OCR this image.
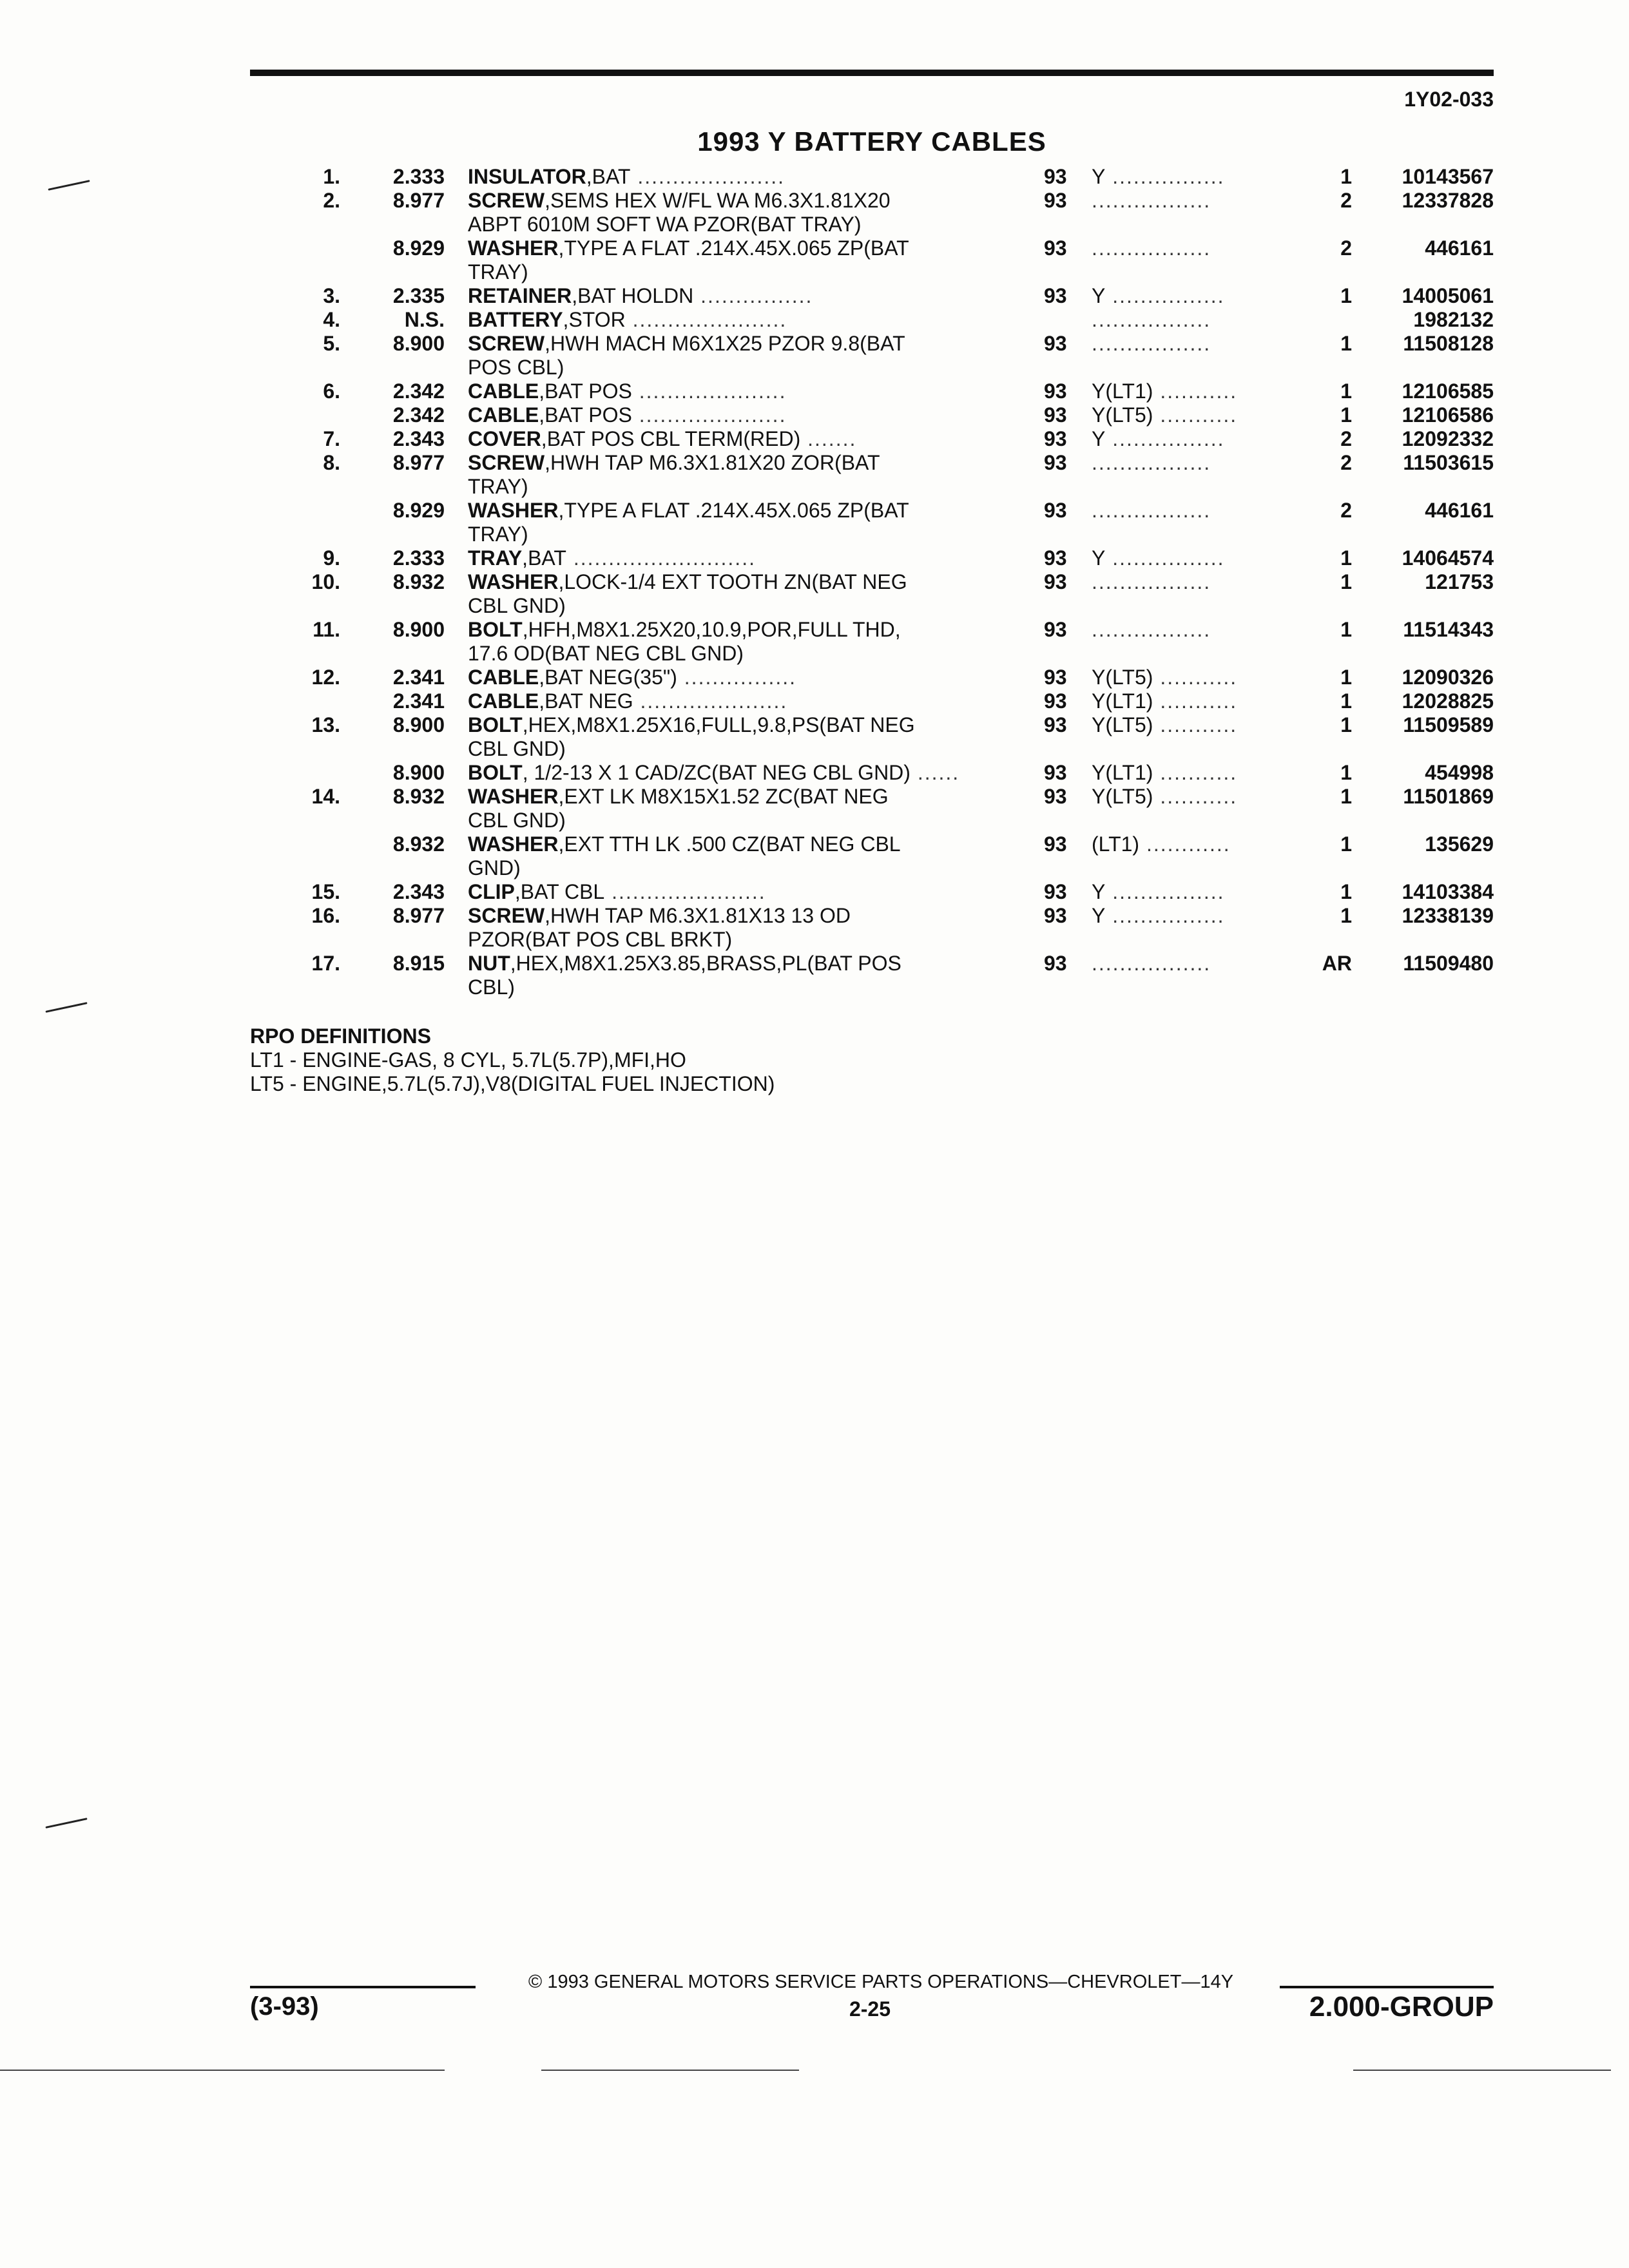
1Y02-033
1993 Y BATTERY CABLES
1.	2.333 INSULATOR,BAT .....................	93	Y ................	1	10143567
2.	8.977 SCREW,SEMS HEX W/FL WA M6.3X1.81X20
ABPT 6010M SOFT WA PZOR(BAT TRAY)
93	.................	2	12337828
8.929 WASHER,TYPE A FLAT .214X.45X.065 ZP(BAT
TRAY)
93	.................	2	446161
3.	2.335 RETAINER,BAT HOLDN ................	93	Y ................	1	14005061
4.	N.S. BATTERY,STOR ......................	.................	1982132
5.	8.900 SCREW,HWH MACH M6X1X25 PZOR 9.8(BAT
POS CBL)
93	.................	1	11508128
6.	2.342 CABLE,BAT POS .....................	93	Y(LT1) ...........	1	12106585
2.342 CABLE,BAT POS .....................	93	Y(LT5) ...........	1	12106586
7.	2.343 COVER,BAT POS CBL TERM(RED) .......	93	Y ................	2	12092332
8.	8.977 SCREW,HWH TAP M6.3X1.81X20 ZOR(BAT
TRAY)
93	.................	2	11503615
8.929 WASHER,TYPE A FLAT .214X.45X.065 ZP(BAT
TRAY)
93	.................	2	446161
9.	2.333 TRAY,BAT ..........................	93	Y ................	1	14064574
10.	8.932 WASHER,LOCK-1/4 EXT TOOTH ZN(BAT NEG
CBL GND)
93	.................	1	121753
11.	8.900 BOLT,HFH,M8X1.25X20,10.9,POR,FULL THD,
17.6 OD(BAT NEG CBL GND)
93	.................	1	11514343
12.	2.341 CABLE,BAT NEG(35") ................	93	Y(LT5) ...........	1	12090326
2.341 CABLE,BAT NEG .....................	93	Y(LT1) ...........	1	12028825
13.	8.900 BOLT,HEX,M8X1.25X16,FULL,9.8,PS(BAT NEG
CBL GND)
93	Y(LT5) ...........	1	11509589
8.900 BOLT, 1/2-13 X 1 CAD/ZC(BAT NEG CBL GND) ......	93	Y(LT1) ...........	1	454998
14.	8.932 WASHER,EXT LK M8X15X1.52 ZC(BAT NEG
CBL GND)
93	Y(LT5) ...........	1	11501869
8.932 WASHER,EXT TTH LK .500 CZ(BAT NEG CBL
GND)
93	(LT1) ............	1	135629
15.	2.343 CLIP,BAT CBL ......................	93	Y ................	1	14103384
16.	8.977 SCREW,HWH TAP M6.3X1.81X13 13 OD
PZOR(BAT POS CBL BRKT)
93	Y ................	1	12338139
17.	8.915 NUT,HEX,M8X1.25X3.85,BRASS,PL(BAT POS
CBL)
93	.................	AR	11509480
RPO DEFINITIONS
LT1 - ENGINE-GAS, 8 CYL, 5.7L(5.7P),MFI,HO
LT5 - ENGINE,5.7L(5.7J),V8(DIGITAL FUEL INJECTION)
© 1993 GENERAL MOTORS SERVICE PARTS OPERATIONS—CHEVROLET—14Y
(3-93)	2-25	2.000-GROUP
